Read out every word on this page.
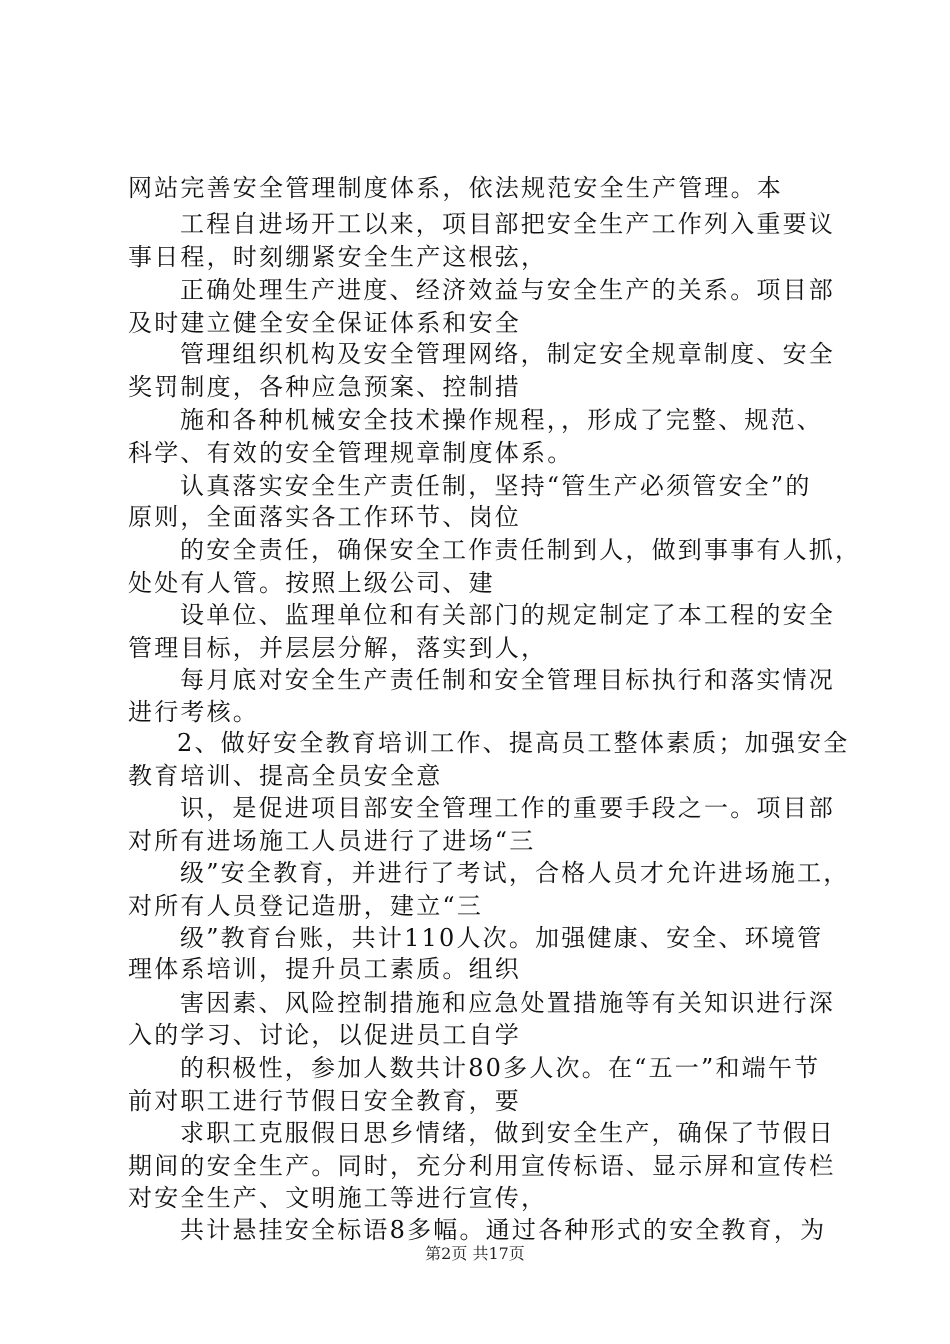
网站完善安全管理制度体系，依法规范安全生产管理。本
工程自进场开工以来，项目部把安全生产工作列入重要议
事日程，时刻绷紧安全生产这根弦，
正确处理生产进度、经济效益与安全生产的关系。项目部
及时建立健全安全保证体系和安全
管理组织机构及安全管理网络，制定安全规章制度、安全
奖罚制度，各种应急预案、控制措
施和各种机械安全技术操作规程，，形成了完整、规范、
科学、有效的安全管理规章制度体系。
认真落实安全生产责任制，坚持“管生产必须管安全”的
原则，全面落实各工作环节、岗位
的安全责任，确保安全工作责任制到人，做到事事有人抓，
处处有人管。按照上级公司、建
设单位、监理单位和有关部门的规定制定了本工程的安全
管理目标，并层层分解，落实到人，
每月底对安全生产责任制和安全管理目标执行和落实情况
进行考核。
2、做好安全教育培训工作、提高员工整体素质；加强安全
教育培训、提高全员安全意
识，是促进项目部安全管理工作的重要手段之一。项目部
对所有进场施工人员进行了进场“三
级”安全教育，并进行了考试，合格人员才允许进场施工，
对所有人员登记造册，建立“三
级”教育台账，共计110人次。加强健康、安全、环境管
理体系培训，提升员工素质。组织
害因素、风险控制措施和应急处置措施等有关知识进行深
入的学习、讨论，以促进员工自学
的积极性，参加人数共计80多人次。在“五一”和端午节
前对职工进行节假日安全教育，要
求职工克服假日思乡情绪，做到安全生产，确保了节假日
期间的安全生产。同时，充分利用宣传标语、显示屏和宣传栏
对安全生产、文明施工等进行宣传，
共计悬挂安全标语8多幅。通过各种形式的安全教育，为
第2页 共17页
